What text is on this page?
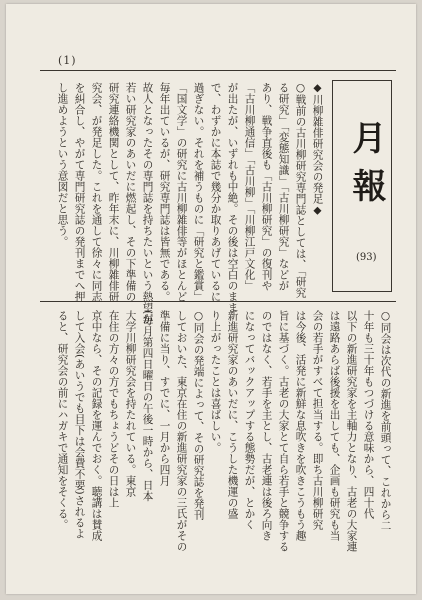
(1)
月報
(93)
◆川柳雑俳研究会の発足◆
○戦前の古川柳研究専門誌としては、「研究
る研究」「変態知識」「古川柳研究」などが
あり、戦争直後も「古川柳研究」の復刊や
「古川柳通信」「古川柳」「川柳江戸文化」
が出たが、いずれも中絶。その後は空白のまま
で、わずかに本誌で幾分か取りあげているに
過ぎない。それを補うものに「研究と鑑賞」
「国文学」の研究に古川柳雑俳等がほとんど
毎年出ているが、研究専門誌は皆無である。
故人となったその専門誌を持ちたいという熱望が
若い研究家のあいだに燃起し、その下準備の
研究連絡機関として、昨年末に、川柳雑俳研
究会、が発足した。これを通して徐々に同志
を糾合し、やがて専門研究誌の発刊までへ押
し進めようという意図だと思う。
○同会は次代の新進を前頭って、これから二
十年も三十年もつづける意味から、四十代
以下の新進研究家を主軸力となり、古老の大家連
は遠路あらば後援を出しても、企画も研究も当
会の若手がすべて担当する。即ち古川柳研究
は今後、活発に新鮮な息吹きを吹きこうもう趣
旨に基づく。古老の大家とて自ら若手と競争する
のではなく、若手を主とし、古老連は後ろ向き
になってバックアップする態勢だが、とかく
新進研究家のあいだに、こうした機運の盛
り上がったことは喜ばしい。
○同会の発端によって、その研究誌を発刊
しておいた、東京在住の新進研究家の三氏がその
準備に当り、すでに、一月から四月
(毎月第四日曜日の午後一時から、日本
大学川柳研究会を持たれている。東京
在住の方々の方でもちょうどその日は上
京中なら、その記録を運んでおく。聴講は賛成
して入会(あいうでも目下は会費不要)されるよ
ると、研究会の前にハガキで通知をそくる。
